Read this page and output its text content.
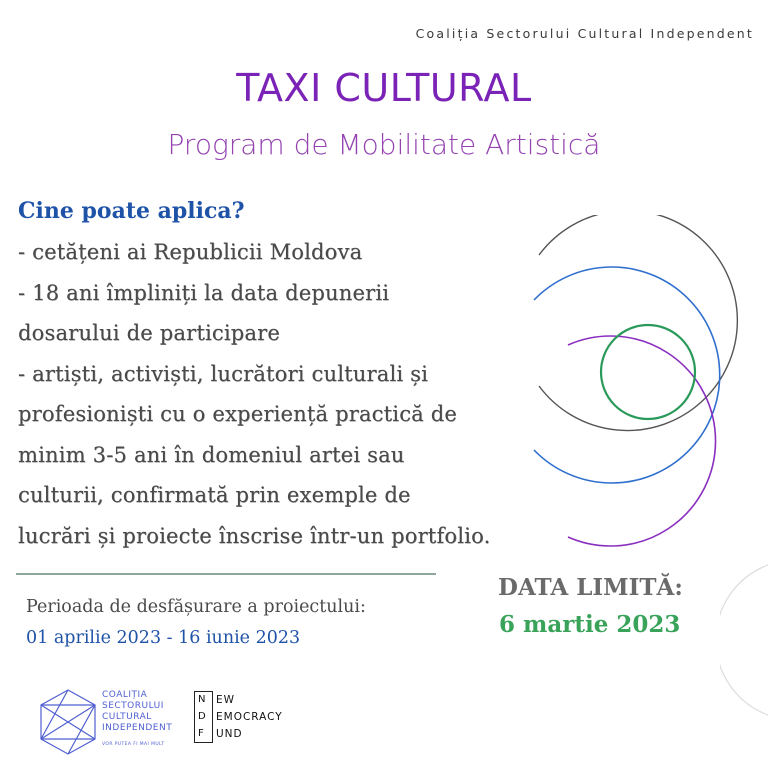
Coaliția Sectorului Cultural Independent
TAXI CULTURAL
Program de Mobilitate Artistică
Cine poate aplica?
- cetățeni ai Republicii Moldova
- 18 ani împliniți la data depunerii
dosarului de participare
- artiști, activiști, lucrători culturali și
profesioniști cu o experiență practică de
minim 3-5 ani în domeniul artei sau
culturii, confirmată prin exemple de
lucrări și proiecte înscrise într-un portfolio.
Perioada de desfășurare a proiectului:
01 aprilie 2023 - 16 iunie 2023
DATA LIMITĂ:
6 martie 2023
COALIȚIA
SECTORULUI
CULTURAL
INDEPENDENT
VOR PUTEA FI MAI MULT
N
D
F
EW
EMOCRACY
UND
